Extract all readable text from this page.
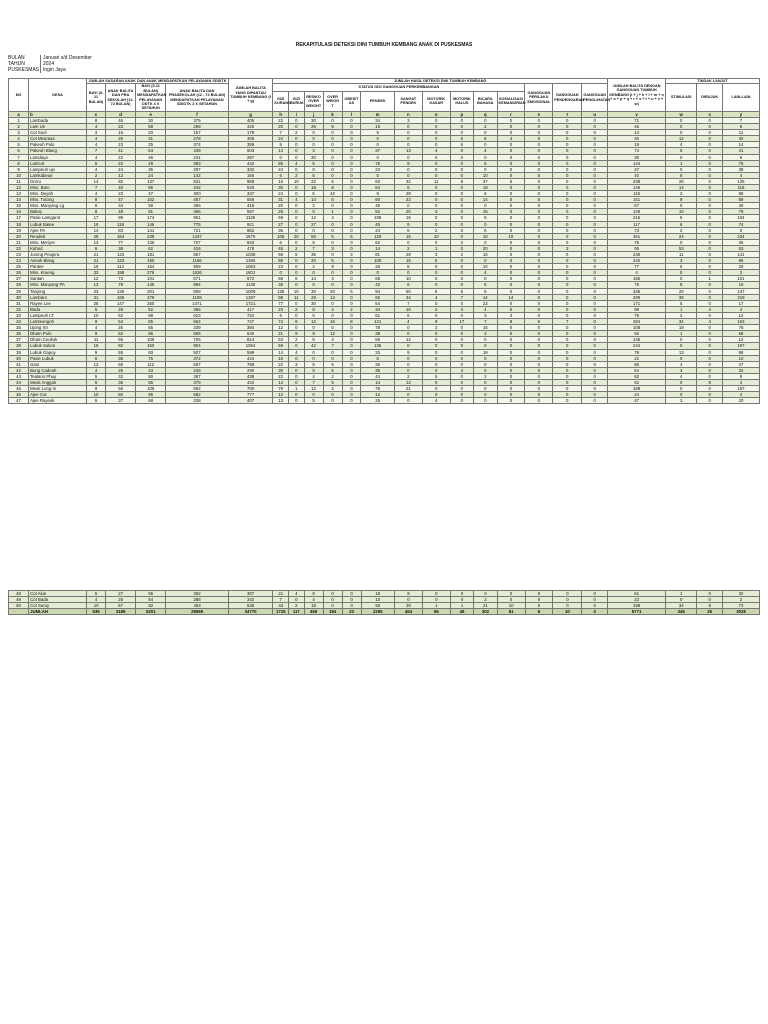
REKAPITULASI DETEKSI DINI TUMBUH KEMBANG ANAK DI PUSKESMAS
BULAN	Januari s/d Desember
TAHUN	2024
PUSKESMAS Ingin Jaya
NO	DESA	JUMLAH SASARAN ANAK DAN ANAK MENDAPATKAN PELAYANAN SDIDTK				JUMLAH BALITA YANG DIPANTAU TUMBUH KEMBANG (f + g)	JUMLAH HASIL DETEKSI DINI TUMBUH KEMBANG														JUMLAH BALITA DENGAN GANGGUAN TUMBUH KEMBANG (i + j + k + l + m + n + o + p + q + r + s + t + u + v + w)	TINDAK LANJUT		
		BAYI (0-11 BULAN)	ANAK BALITA DAN PRA SEKOLAH (12-72 BULAN)	BAYI (0-11 BULAN) MENDAPATKAN PELAYANAN DDTK 4 X SETAHUN	ANAK BALITA DAN PRASEKOLAH (12 - 72 BULAN) MENDAPATKAN PELAYANAN SDIDTK 2 X SETAHUN		STATUS GIZI GANGGUAN PERKEMBANGAN											GANGGUAN PERILAKU EMOSIONAL	GANGGUAN PENDENGARAN	GANGGUAN PENGLIHATAN		STIMULASI	DIRUJUK	LAIN-LAIN
							GIZI KURANG	GIZI BURUK	RESIKO OVER WEIGHT	OVER WEIGH T	OBESIT AS	PENDEK	SANGAT PENDEK	MOTORIK KASAR	MOTORIK HALUS	BICARA BAHASA	SOSIALISASI KEMANDIRIAN							
a	b	c	d	e	f	g	h	i	j	k	l	m	n	o	p	q	r	s	t	u	v	w	x	y
1	Lambada	8	46	30	375	405	22	0	30	0	0	34	3	0	0	0	0	0	0	0	71	0	0	7
2	Lam Ue	4	23	58	268	325	20	0	26	9	0	19	0	0	0	2	0	0	0	0	46	0	0	6
3	Cot Suel	3	16	20	157	178	7	2	0	0	0	5	0	0	0	0	0	0	0	0	14	0	0	11
4	Cot Meuraxa	4	25	31	278	309	24	0	0	0	0	0	0	0	6	6	4	0	0	0	30	12	0	30
5	Pakeuh Pulo	4	23	25	374	399	9	0	0	0	0	0	0	0	6	0	0	0	0	0	19	4	0	14
6	Pakeuh Blang	7	41	54	439	503	13	0	3	0	0	37	13	4	0	4	0	0	0	0	74	5	0	41
7	Lamdaya	4	22	46	241	287	0	0	30	0	0	0	0	0	0	0	0	0	0	0	30	0	0	6
8	Lamcot	5	22	49	393	442	85	4	5	0	0	75	9	0	0	6	0	0	0	0	144	1	0	75
9	Lampeuh ujo	4	24	35	297	332	24	0	0	0	0	23	0	0	0	0	0	0	0	0	47	0	0	38
10	Lamkabeue	2	12	24	142	166	6	2	5	0	0	5	0	0	0	10	0	0	0	0	40	8	0	4
11	Gorro	14	82	137	831	968	15	10	22	5	0	60	32	11	8	37	5	0	0	0	238	28	0	135
12	Mns. Baro	7	40	86	442	528	30	0	18	8	0	64	8	0	0	18	0	0	0	0	146	14	0	119
13	Mns. Deyah	4	23	47	300	347	24	0	6	42	0	9	28	0	0	6	0	0	0	0	115	2	0	98
14	Mns. Tutong	8	47	102	457	558	31	4	14	6	0	60	22	0	0	14	0	0	0	0	151	9	0	89
15	Mns. Manyang Lg	6	34	59	356	415	20	0	2	0	0	45	0	0	0	0	0	0	0	0	67	0	0	40
16	Bakoy	8	48	91	466	557	28	0	0	1	0	52	20	3	0	15	0	0	0	0	128	10	0	79
17	Pasie Lamgarot	17	99	174	951	1125	69	0	12	4	0	108	15	0	0	8	0	0	0	0	216	6	0	104
18	Lubuk Batee	19	118	146	775	921	27	0	27	0	0	45	9	0	0	0	0	0	0	0	117	6	0	74
19	Ajee PA	14	83	141	721	862	35	0	0	0	0	24	6	2	0	6	0	0	0	0	73	2	0	0
20	Reudeb	28	164	238	1437	1675	106	20	50	5	5	120	15	10	0	10	10	0	0	0	351	24	0	234
21	Mns. Meriyet	13	77	136	707	843	6	0	6	0	0	62	0	0	2	0	0	0	0	0	76	0	0	36
22	Kahod	6	38	62	416	478	45	2	7	3	0	14	2	1	0	20	0	0	3	0	95	53	0	53
23	Jurong Peujera	21	123	181	857	1038	66	5	35	0	3	81	28	3	2	16	0	0	0	0	239	11	0	141
24	Aneuk Blang	21	123	190	1166	1355	85	0	20	5	0	100	15	5	0	0	0	0	0	0	240	3	0	86
25	Pantee	19	114	154	909	1063	23	0	2	8	0	28	5	0	0	10	0	0	0	0	77	6	0	29
26	Mns. Krueng	33	198	276	1526	1802	0	0	0	0	0	0	0	0	0	4	0	0	0	0	4	0	0	3
27	Santan	12	73	101	571	672	59	6	14	3	0	65	10	0	0	0	0	0	0	0	155	0	1	101
28	Mns. Manyang PA	13	79	145	994	1139	35	0	0	0	0	42	6	0	0	6	0	0	0	0	75	8	0	16
29	Tanjong	23	136	201	808	1009	136	10	30	20	5	94	50	5	5	5	0	0	0	0	345	20	0	137
30	Lambaro	31	185	279	1108	1387	98	11	29	13	0	65	34	4	7	14	14	0	0	0	289	39	0	219
31	Rayee Lee	25	147	250	1471	1721	77	0	30	0	0	54	7	0	0	23	0	0	0	0	171	5	0	17
32	Bada	5	28	52	366	417	23	2	8	4	2	34	16	2	3	4	0	0	0	0	98	1	4	4
33	Lampeoh LT	10	62	99	623	722	6	0	0	0	0	61	6	0	0	3	3	0	0	0	79	2	0	12
34	Lamteungoh	9	54	85	662	747	74	8	12	16	8	121	4	9	17	7	8	6	7	0	284	34	4	163
35	Ujong XII	4	25	55	339	394	12	0	0	0	0	78	0	2	0	15	0	0	0	0	108	18	0	78
36	Dham Pulo	9	52	86	555	640	21	9	9	12	0	38	0	0	0	3	0	0	0	0	92	1	0	68
37	Dham Ceukok	11	65	109	705	814	53	2	6	4	0	68	12	0	0	0	0	0	0	0	145	0	0	12
38	Lubuk Sukon	15	92	150	904	1054	59	0	42	7	0	136	0	0	0	0	0	0	0	0	244	0	0	197
39	Lubuk Gapuy	9	55	93	507	599	14	4	0	0	0	33	9	0	0	19	0	0	0	0	79	13	0	98
40	Pasie Lubuk	6	38	75	372	444	16	0	0	0	0	6	0	0	0	0	0	0	0	0	22	0	0	10
41	Gani	12	69	112	687	799	22	3	5	5	0	35	0	0	0	0	0	0	0	0	86	4	0	47
42	Bung Cadeah	4	25	43	246	290	30	0	0	5	0	35	0	0	4	0	0	0	0	0	54	3	0	32
43	Tealaon Phuy	5	32	50	387	438	22	0	4	2	0	44	2	5	0	3	0	0	0	0	82	4	0	8
44	Meuk Anggok	6	36	55	379	434	14	0	7	5	0	14	12	0	0	0	0	0	0	0	52	0	8	4
45	Meuk Lung In	9	56	108	592	700	79	1	12	2	0	79	21	0	0	0	0	0	0	0	198	0	0	197
46	Ajee Cut	10	60	95	682	777	12	0	0	0	0	12	0	0	0	0	0	0	0	0	24	0	0	4
47	Ajee Rayeuk	6	37	68	338	407	13	0	5	0	0	25	0	4	0	0	0	0	0	0	47	3	0	20
48	Cot Alue	5	27	55	252	307	21	4	9	0	0	16	9	0	0	0	0	0	0	0	61	1	0	32
49	Cot Bada	4	25	54	288	342	7	0	4	0	0	10	0	0	0	2	0	0	0	0	23	0	0	2
50	Cot Suruy	10	57	82	453	535	43	2	15	0	0	50	20	1	1	21	10	0	0	0	198	34	8	73
	JUMLAH	539	3189	5201	29569	34770	1715	117	455	194	23	2295	464	96	49	302	61	6	10	0	5771	346	25	3028
